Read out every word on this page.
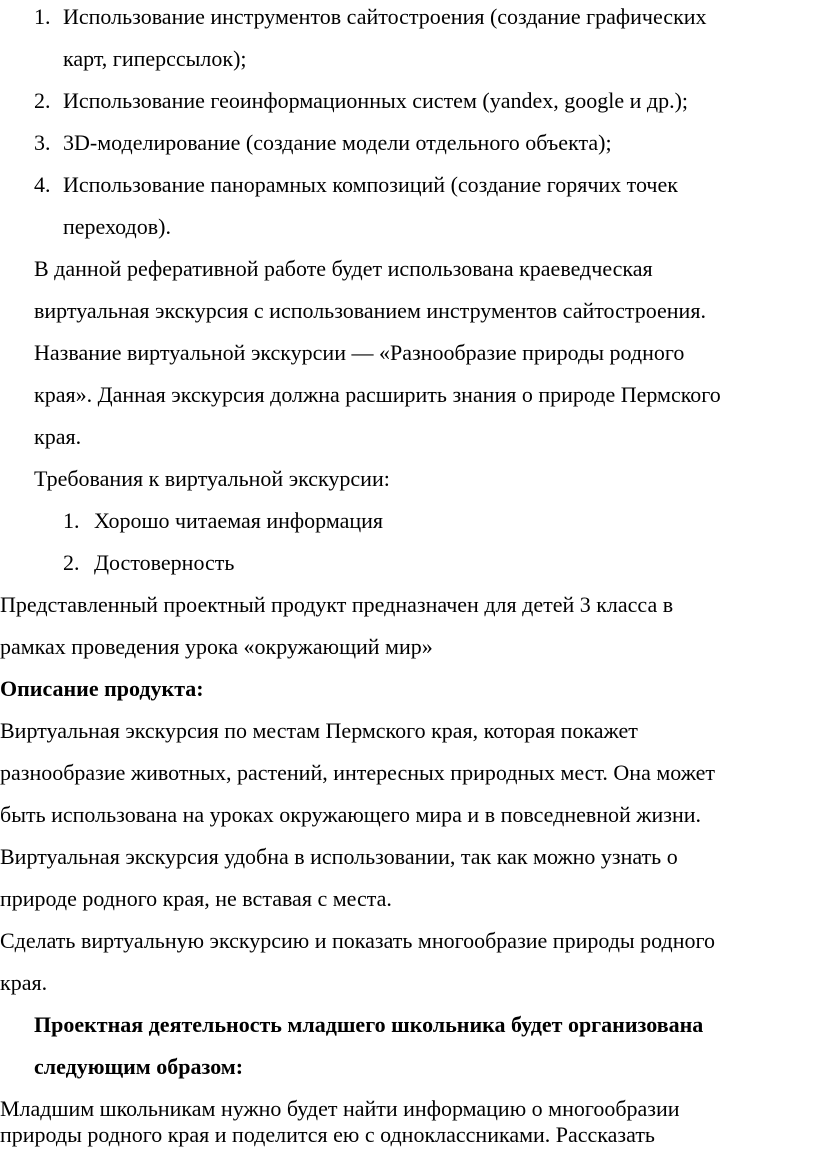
1. Использование инструментов сайтостроения (создание графических
карт, гиперссылок);
2. Использование геоинформационных систем (yandex, google и др.);
3. 3D-моделирование (создание модели отдельного объекта);
4. Использование панорамных композиций (создание горячих точек
переходов).
В данной реферативной работе будет использована краеведческая
виртуальная экскурсия с использованием инструментов сайтостроения.
Название виртуальной экскурсии — «Разнообразие природы родного
края». Данная экскурсия должна расширить знания о природе Пермского
края.
Требования к виртуальной экскурсии:
1. Хорошо читаемая информация
2. Достоверность
Представленный проектный продукт предназначен для детей 3 класса в
рамках проведения урока «окружающий мир»
Описание продукта:
Виртуальная экскурсия по местам Пермского края, которая покажет
разнообразие животных, растений, интересных природных мест. Она может
быть использована на уроках окружающего мира и в повседневной жизни.
Виртуальная экскурсия удобна в использовании, так как можно узнать о
природе родного края, не вставая с места.
Сделать виртуальную экскурсию и показать многообразие природы родного
края.
Проектная деятельность младшего школьника будет организована
следующим образом:
Младшим школьникам нужно будет найти информацию о многообразии
природы родного края и поделится ею с одноклассниками. Рассказать
